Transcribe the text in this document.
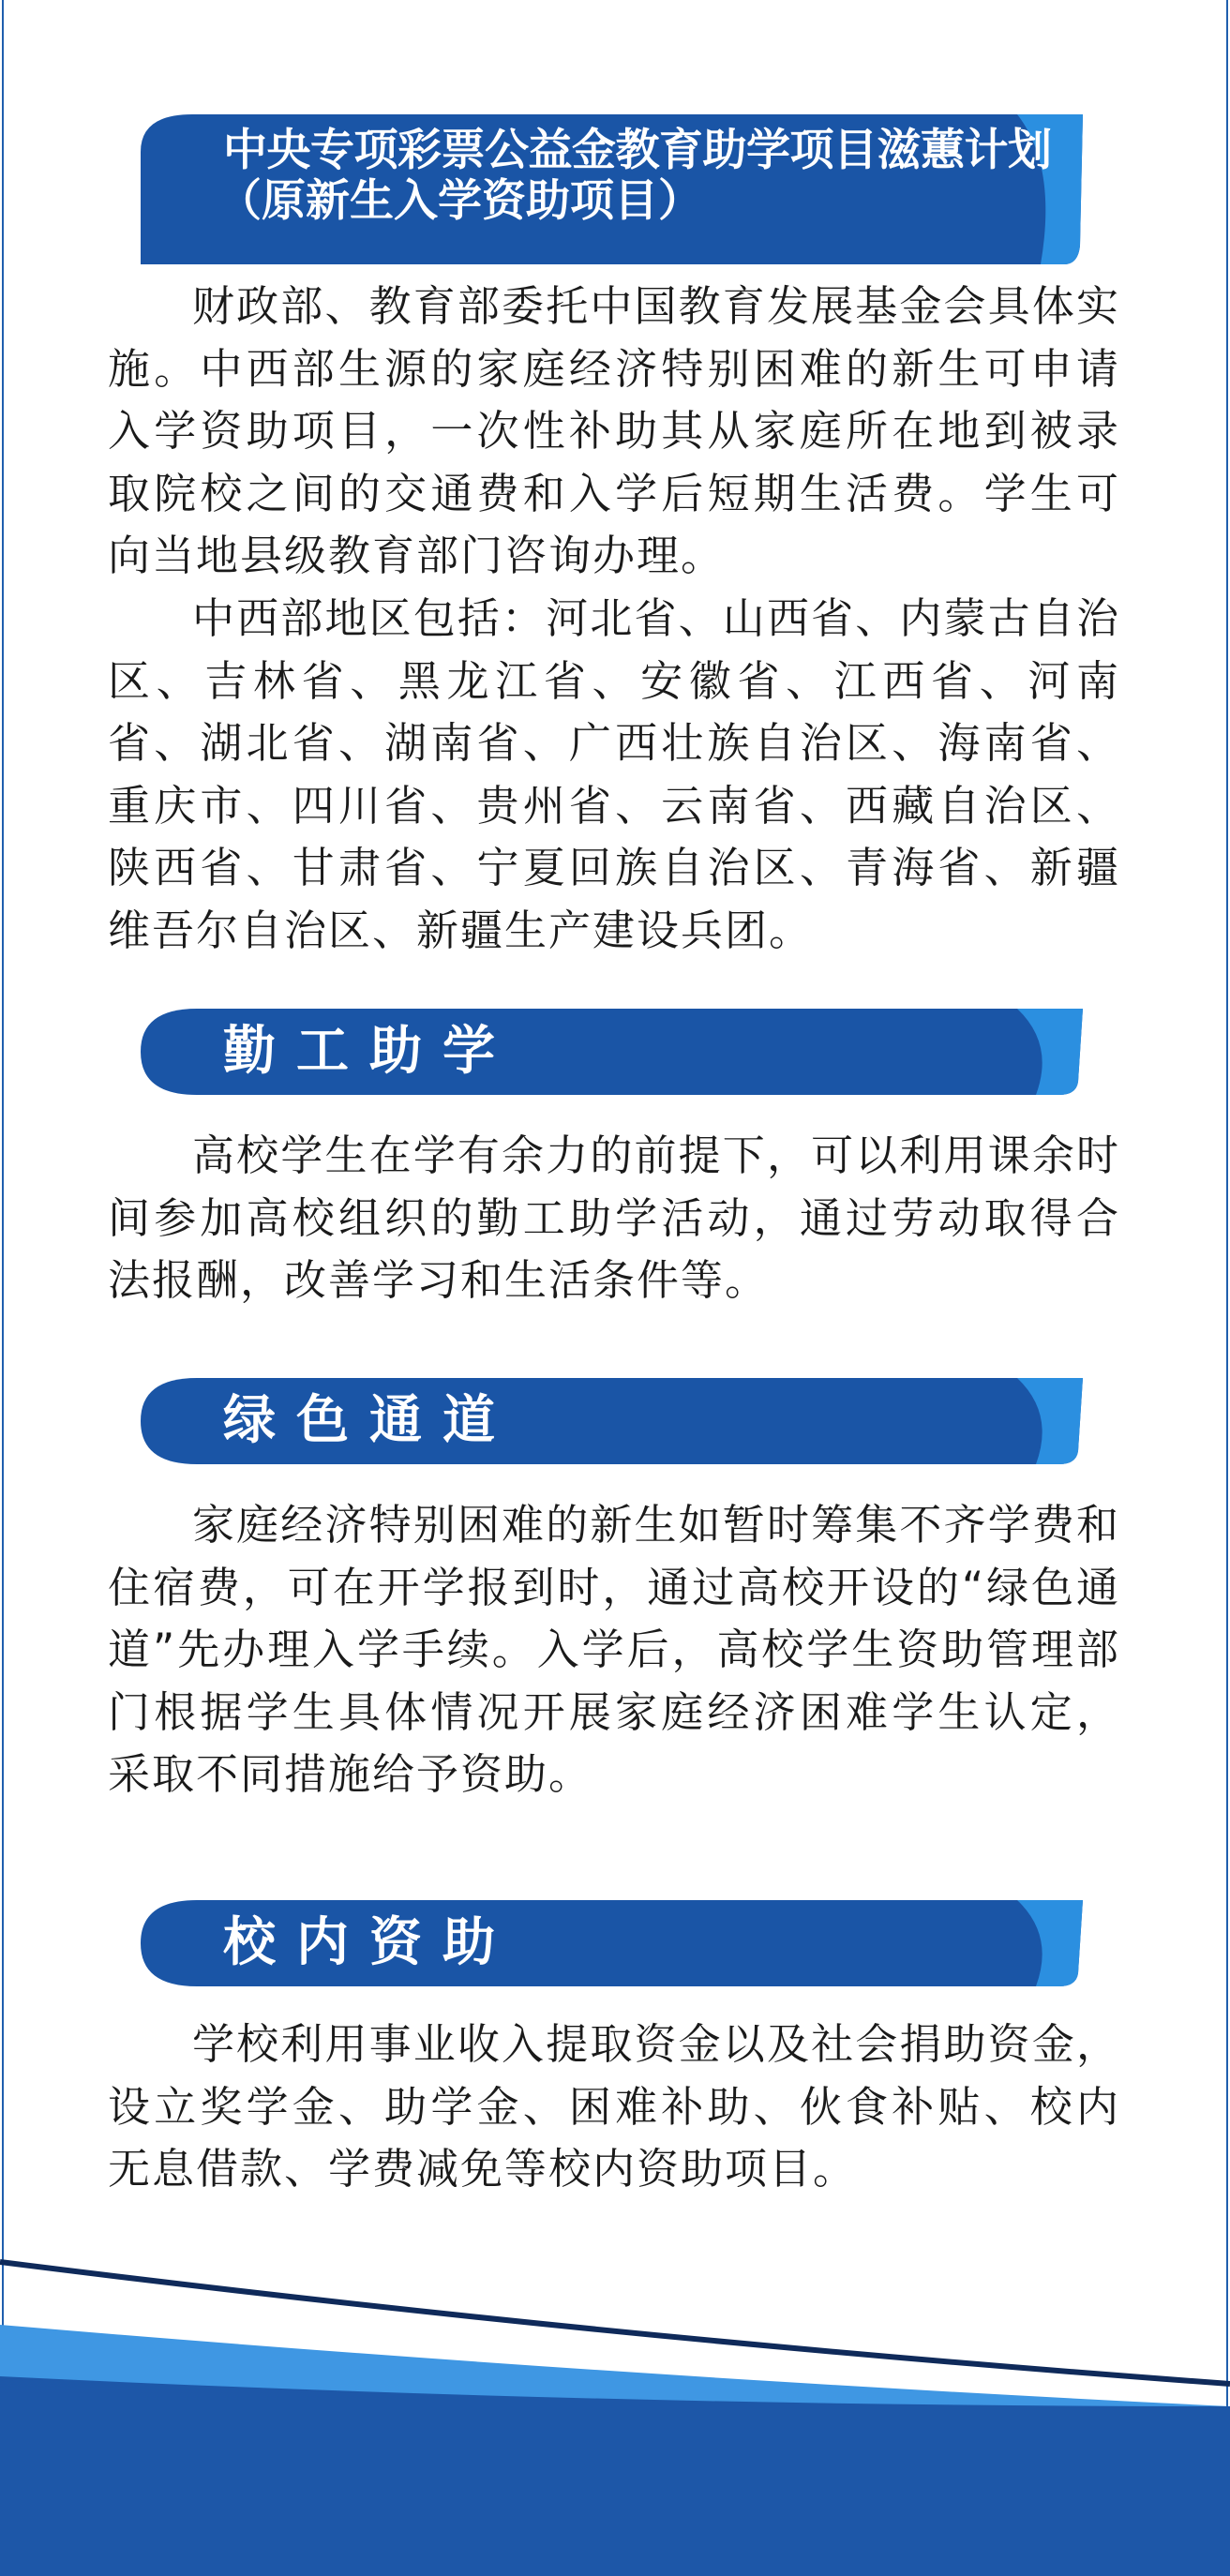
中央专项彩票公益金教育助学项目滋蕙计划
（原新生入学资助项目）

财政部、教育部委托中国教育发展基金会具体实施。中西部生源的家庭经济特别困难的新生可申请入学资助项目，一次性补助其从家庭所在地到被录取院校之间的交通费和入学后短期生活费。学生可向当地县级教育部门咨询办理。

中西部地区包括：河北省、山西省、内蒙古自治区、吉林省、黑龙江省、安徽省、江西省、河南省、湖北省、湖南省、广西壮族自治区、海南省、重庆市、四川省、贵州省、云南省、西藏自治区、陕西省、甘肃省、宁夏回族自治区、青海省、新疆维吾尔自治区、新疆生产建设兵团。

勤工助学

高校学生在学有余力的前提下，可以利用课余时间参加高校组织的勤工助学活动，通过劳动取得合法报酬，改善学习和生活条件等。

绿色通道

家庭经济特别困难的新生如暂时筹集不齐学费和住宿费，可在开学报到时，通过高校开设的“绿色通道”先办理入学手续。入学后，高校学生资助管理部门根据学生具体情况开展家庭经济困难学生认定，采取不同措施给予资助。

校内资助

学校利用事业收入提取资金以及社会捐助资金，设立奖学金、助学金、困难补助、伙食补贴、校内无息借款、学费减免等校内资助项目。
